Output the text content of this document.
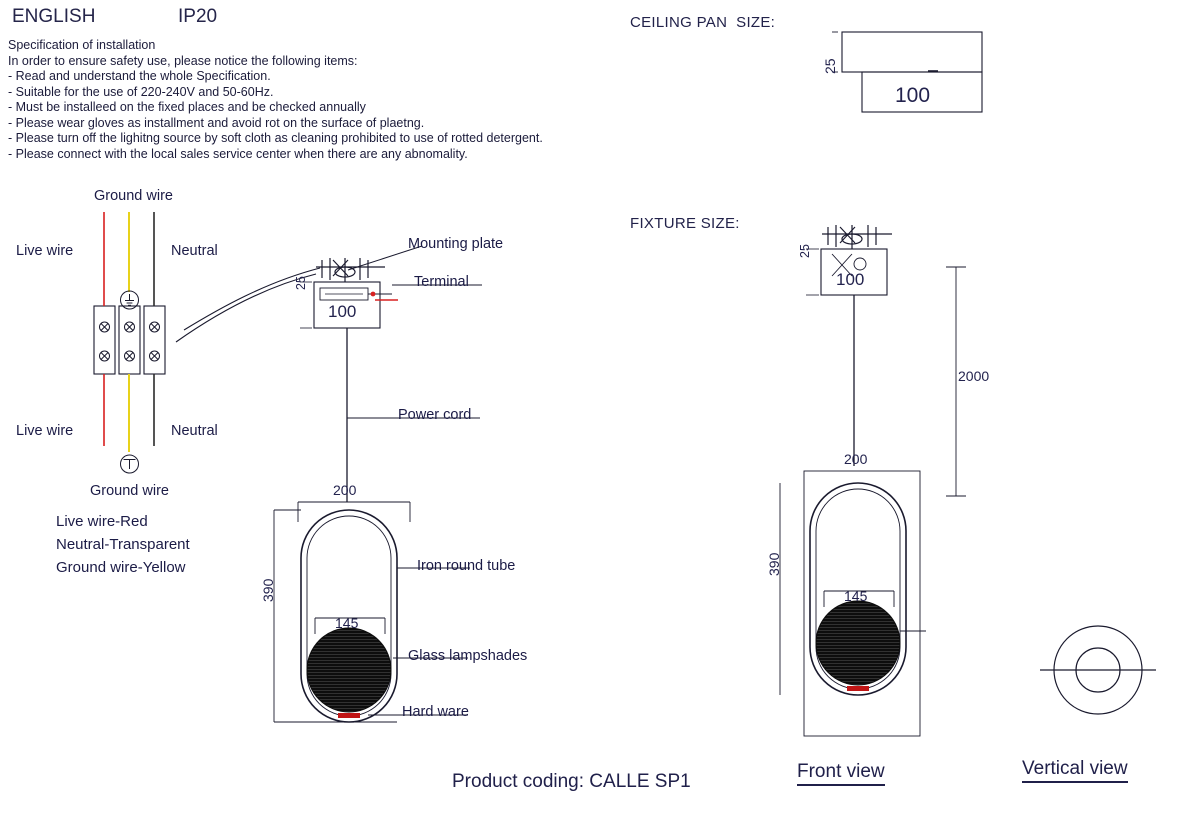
ENGLISH	IP20	CEILING PAN  SIZE:
FIXTURE SIZE:
Specification of installation
In order to ensure safety use, please notice the following items:
- Read and understand the whole Specification.
- Suitable for the use of 220-240V and 50-60Hz.
- Must be installeed on the fixed places and be checked annually
- Please wear gloves as installment and avoid rot on the surface of plaetng.
- Please turn off the lighitng source by soft cloth as cleaning prohibited to use of rotted detergent.
- Please connect with the local sales service center when there are any abnomality.
25
100
Ground wire
Live wire	Neutral
Live wire	Neutral
Ground wire
Live wire-Red
Neutral-Transparent
Ground wire-Yellow
25
100
390
200
145
Mounting plate
Terminal
Power cord
Iron round tube
Glass lampshades
Hard ware
25
100
2000
200
390
145
Product coding: CALLE SP1	Front view	Vertical view
